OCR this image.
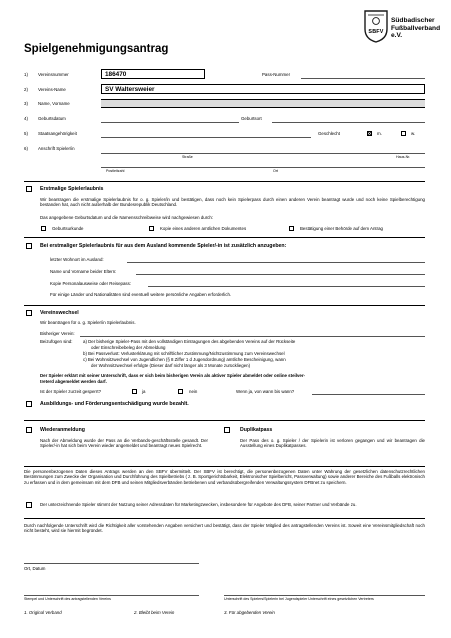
Spielgenehmigungsantrag
SBFV
Südbadischer
Fußballverband e.V.
1) Vereinsnummer	186470	Pass-Nummer
2) Vereins-Name	SV Waltersweier
3) Name, Vorname
4) Geburtsdatum	Geburtsort
5) Staatsangehörigkeit	Geschlecht	m.	w.
6) Anschrift Spieler/in
Straße	Haus-Nr.
Postleitzahl	Ort
Erstmalige Spielerlaubnis
Wir beantragen die erstmalige Spielerlaubnis für o. g. Spieler/in und bestätigen, dass noch kein Spielerpass durch einen anderen Verein beantragt wurde und noch keine Spielberechtigung bestanden hat, auch nicht außerhalb der Bundesrepublik Deutschland.
Das angegebene Geburtsdatum und die Namensschreibweise wird nachgewiesen durch:
Geburtsurkunde	Kopie eines anderen amtlichen Dokumentes	Bestätigung einer Behörde auf dem Antrag
Bei erstmaliger Spielerlaubnis für aus dem Ausland kommende Spieler/-in ist zusätzlich anzugeben:
letzter Wohnort im Ausland:
Name und Vorname beider Eltern:
Kopie Personalausweise oder Reisepass:
Für einige Länder und Nationalitäten sind eventuell weitere persönliche Angaben erforderlich.
Vereinswechsel
Wir beantragen für o. g. Spieler/in Spielerlaubnis.
Bisheriger Verein:
Beizufügen sind: a) Der bisherige Spieler-Pass mit den vollständigen Eintragungen des abgebenden Vereins auf der Rückseite
oder Einschreibebeleg der Abmeldung
b) Bei Passverlust: Verlusterklärung mit schriftlicher Zustimmung/Nichtzustimmung zum Vereinswechsel
c) Bei Wohnsitzwechsel von Jugendlichen (§ 8 Ziffer 1 d Jugendordnung) amtliche Bescheinigung, wann
der Wohnsitzwechsel erfolgte (Dieser darf nicht länger als 3 Monate zurückliegen)
Der Spieler erklärt mit seiner Unterschrift, dass er sich beim bisherigen Verein als aktiver Spieler abmeldet oder online steilver-
treterd abgemeldet werden darf.
Ist der Spieler zurzeit gesperrt?	ja	nein	Wenn ja, von wann bis wann?
Ausbildungs- und Förderungsentschädigung wurde bezahlt.
Wiederanmeldung
Nach der Abmeldung wurde der Pass an die Verbands-geschäftsstelle gesandt. Der Spieler/-in hat sich beim Verein wieder angemeldet und beantragt neues Spielrecht.
Duplikatpass
Der Pass des o. g. Spieler / der Spielerin ist verloren gegangen und wir beantragen die Ausstellung eines Duplikatpasses.
Die personenbezogenen Daten dieses Antrags werden an den SBFV übermittelt. Der SBFV ist berechtigt, die personenbezogenen Daten unter Wahrung der gesetzlichen datenschutzrechtlichen Bestimmungen zum Zwecke der Organisation und Durchführung des Spielbetriebs ( z. B. Sportgerichtsbarkeit, Elektronischer Spielbericht, Passverwaltung) sowie anderer Bereiche des Fußballs elektronisch zu erfassen und in dem gemeinsam mit dem DFB und seinen Mitgliedsverbänden betriebenen und verbandsübergreifenden Verwaltungssystem DFBnet zu speichern.
Der unterzeichnende Spieler stimmt der Nutzung seiner Adressdaten für Marketingzwecken, insbesondere für Angebote des DFB, seiner Partner und Verbände zu.
Durch nachfolgende Unterschrift wird die Richtigkeit aller vorstehenden Angaben versichert und bestätigt, dass der Spieler Mitglied des antragstellenden Vereins ist. Soweit eine Vereinsmitgliedschaft noch nicht besteht, wird sie hiermit begründet.
Ort, Datum
Stempel und Unterschrift des antragstellenden Vereins	Unterschrift des Spielers/Spielerin bei Jugendspieler Unterschrift eines gesetzlichen Vertreters
1. Original Verband	2. Bleibt beim Verein	3. Für abgebenden Verein
